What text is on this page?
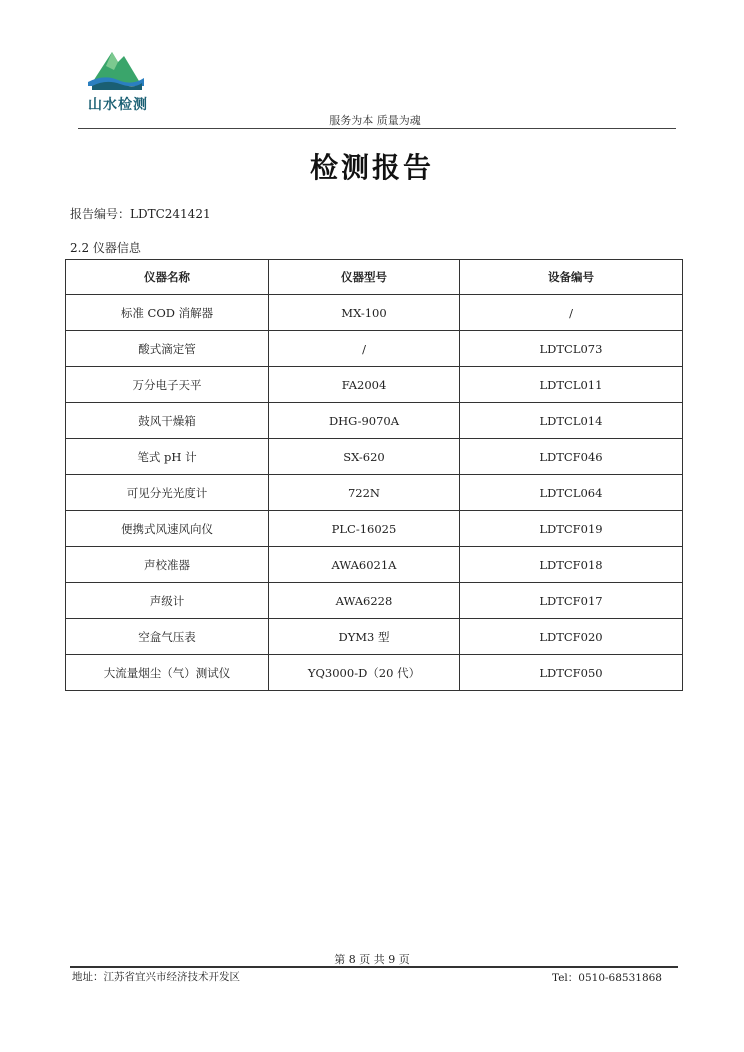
山水检测
服务为本 质量为魂
检测报告
报告编号：LDTC241421
2.2 仪器信息
仪器名称	仪器型号	设备编号
标准 COD 消解器	MX-100	/
酸式滴定管	/	LDTCL073
万分电子天平	FA2004	LDTCL011
鼓风干燥箱	DHG-9070A	LDTCL014
笔式 pH 计	SX-620	LDTCF046
可见分光光度计	722N	LDTCL064
便携式风速风向仪	PLC-16025	LDTCF019
声校准器	AWA6021A	LDTCF018
声级计	AWA6228	LDTCF017
空盒气压表	DYM3 型	LDTCF020
大流量烟尘（气）测试仪	YQ3000-D（20 代）	LDTCF050
第 8 页 共 9 页
地址：江苏省宜兴市经济技术开发区	Tel：0510-68531868
